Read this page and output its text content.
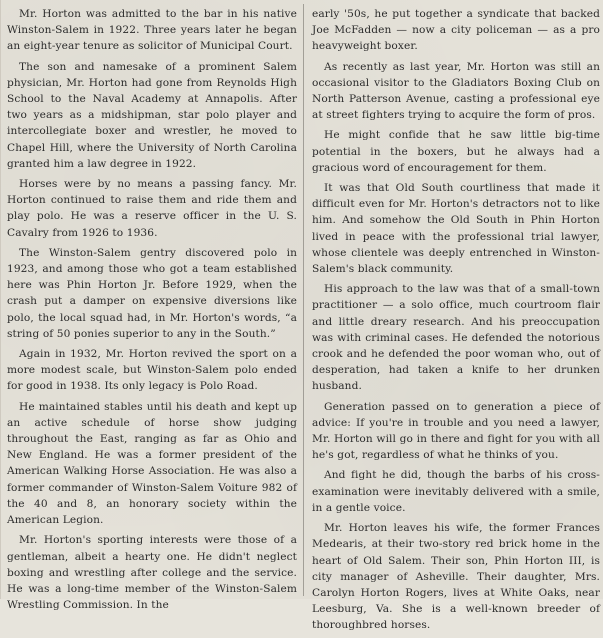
Mr. Horton was admitted to the bar in his native Winston-Salem in 1922. Three years later he began an eight-year tenure as solicitor of Municipal Court.

The son and namesake of a prominent Salem physician, Mr. Horton had gone from Reynolds High School to the Naval Academy at Annapolis. After two years as a midshipman, star polo player and intercollegiate boxer and wrestler, he moved to Chapel Hill, where the University of North Carolina granted him a law degree in 1922.

Horses were by no means a passing fancy. Mr. Horton continued to raise them and ride them and play polo. He was a reserve officer in the U. S. Cavalry from 1926 to 1936.

The Winston-Salem gentry discovered polo in 1923, and among those who got a team established here was Phin Horton Jr. Before 1929, when the crash put a damper on expensive diversions like polo, the local squad had, in Mr. Horton's words, “a string of 50 ponies superior to any in the South.”

Again in 1932, Mr. Horton revived the sport on a more modest scale, but Winston-Salem polo ended for good in 1938. Its only legacy is Polo Road.

He maintained stables until his death and kept up an active schedule of horse show judging throughout the East, ranging as far as Ohio and New England. He was a former president of the American Walking Horse Association. He was also a former commander of Winston-Salem Voiture 982 of the 40 and 8, an honorary society within the American Legion.

Mr. Horton's sporting interests were those of a gentleman, albeit a hearty one. He didn't neglect boxing and wrestling after college and the service. He was a long-time member of the Winston-Salem Wrestling Commission. In the

early '50s, he put together a syndicate that backed Joe McFadden — now a city policeman — as a pro heavyweight boxer.

As recently as last year, Mr. Horton was still an occasional visitor to the Gladiators Boxing Club on North Patterson Avenue, casting a professional eye at street fighters trying to acquire the form of pros.

He might confide that he saw little big-time potential in the boxers, but he always had a gracious word of encouragement for them.

It was that Old South courtliness that made it difficult even for Mr. Horton's detractors not to like him. And somehow the Old South in Phin Horton lived in peace with the professional trial lawyer, whose clientele was deeply entrenched in Winston-Salem's black community.

His approach to the law was that of a small-town practitioner — a solo office, much courtroom flair and little dreary research. And his preoccupation was with criminal cases. He defended the notorious crook and he defended the poor woman who, out of desperation, had taken a knife to her drunken husband.

Generation passed on to generation a piece of advice: If you're in trouble and you need a lawyer, Mr. Horton will go in there and fight for you with all he's got, regardless of what he thinks of you.

And fight he did, though the barbs of his cross-examination were inevitably delivered with a smile, in a gentle voice.

Mr. Horton leaves his wife, the former Frances Medearis, at their two-story red brick home in the heart of Old Salem. Their son, Phin Horton III, is city manager of Asheville. Their daughter, Mrs. Carolyn Horton Rogers, lives at White Oaks, near Leesburg, Va. She is a well-known breeder of thoroughbred horses.
